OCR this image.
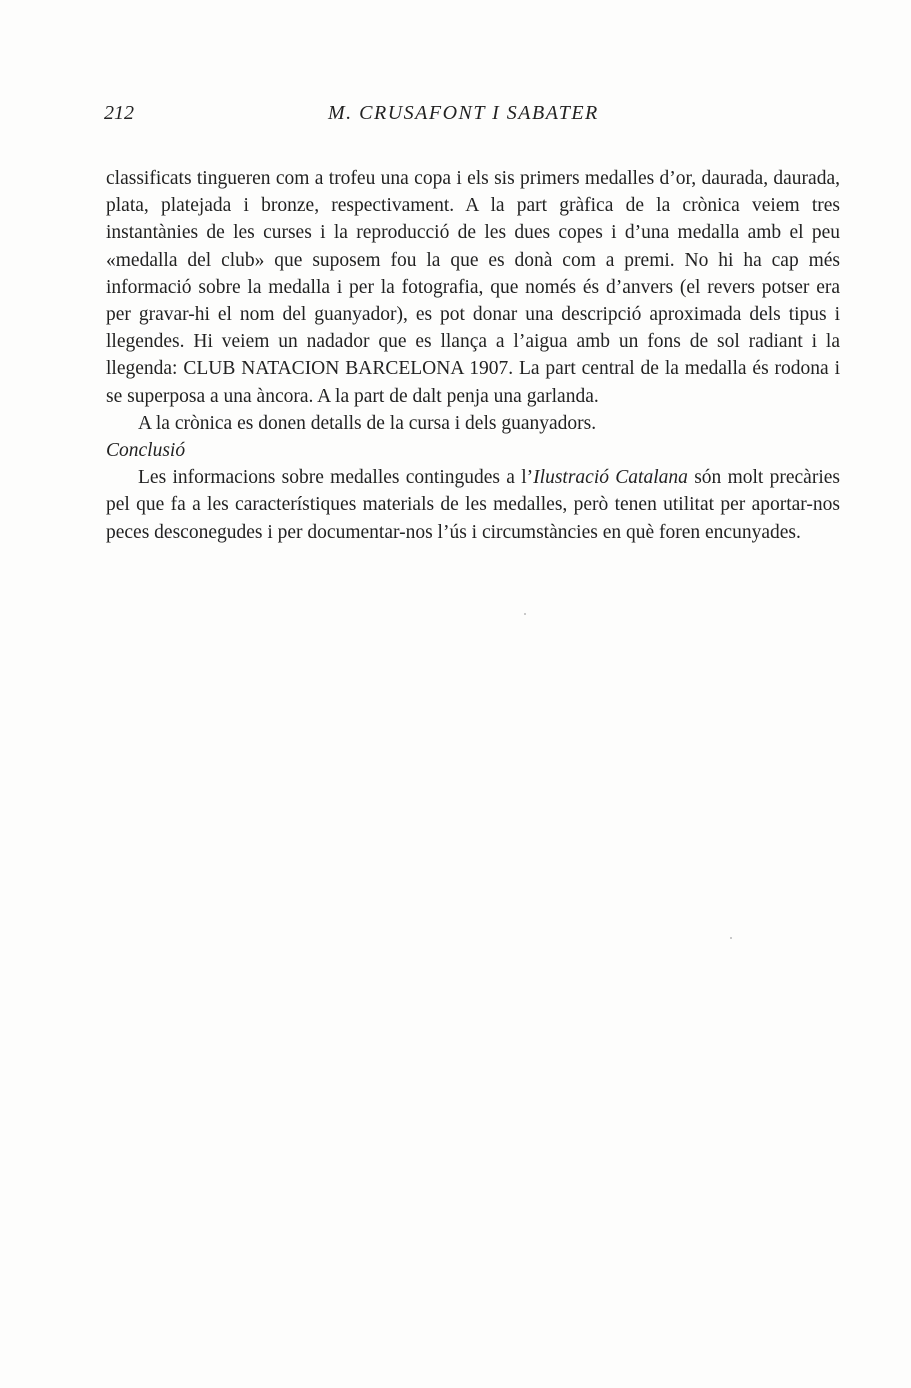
212	M. CRUSAFONT I SABATER

classificats tingueren com a trofeu una copa i els sis primers medalles d’or, daurada, daurada, plata, platejada i bronze, respectivament. A la part gràfica de la crònica veiem tres instantànies de les curses i la reproducció de les dues copes i d’una medalla amb el peu «medalla del club» que suposem fou la que es donà com a premi. No hi ha cap més informació sobre la medalla i per la fotografia, que només és d’anvers (el revers potser era per gravar-hi el nom del guanyador), es pot donar una descripció aproximada dels tipus i llegendes. Hi veiem un nadador que es llança a l’aigua amb un fons de sol radiant i la llegenda: CLUB NATACION BARCELONA 1907. La part central de la medalla és rodona i se superposa a una àncora. A la part de dalt penja una garlanda.

A la crònica es donen detalls de la cursa i dels guanyadors.

Conclusió

Les informacions sobre medalles contingudes a l’Ilustració Catalana són molt precàries pel que fa a les característiques materials de les medalles, però tenen utilitat per aportar-nos peces desconegudes i per documentar-nos l’ús i circumstàncies en què foren encunyades.
